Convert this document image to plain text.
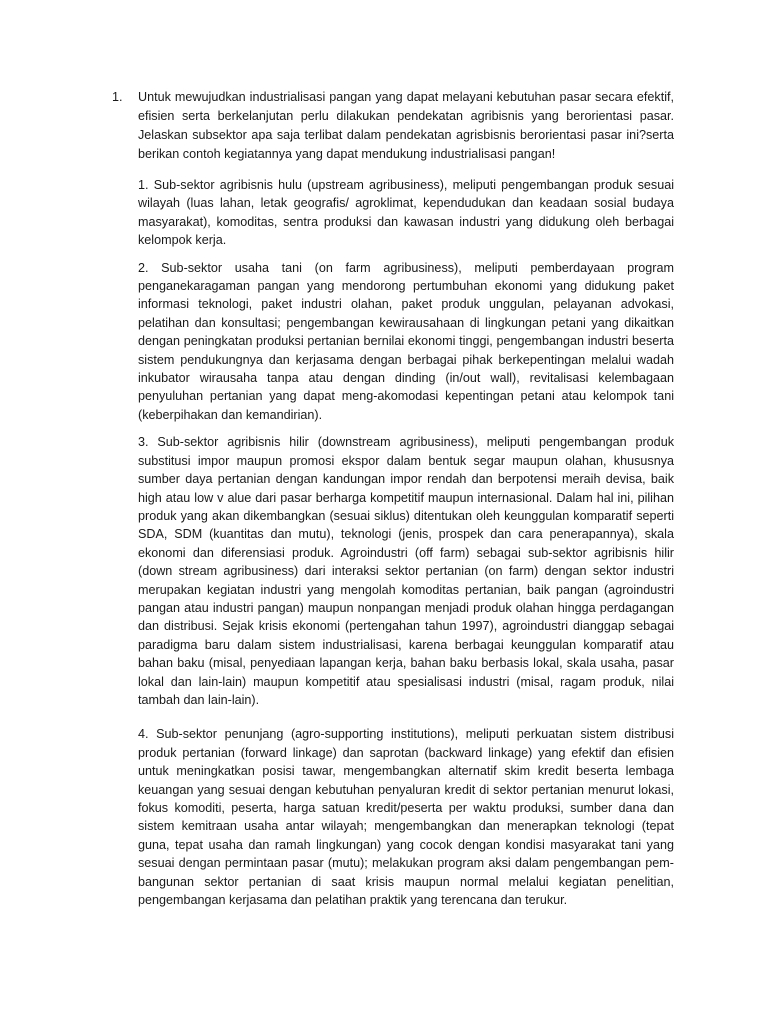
1.	Untuk mewujudkan industrialisasi pangan yang dapat melayani kebutuhan pasar secara efektif, efisien serta berkelanjutan perlu dilakukan pendekatan agribisnis yang berorientasi pasar. Jelaskan subsektor apa saja terlibat dalam pendekatan agrisbisnis berorientasi pasar ini?serta berikan contoh kegiatannya yang dapat mendukung industrialisasi pangan!

1. Sub-sektor agribisnis hulu (upstream agribusiness), meliputi pengembangan produk sesuai wilayah (luas lahan, letak geografis/ agroklimat, kependudukan dan keadaan sosial budaya masyarakat), komoditas, sentra produksi dan kawasan industri yang didukung oleh berbagai kelompok kerja.

2. Sub-sektor usaha tani (on farm agribusiness), meliputi pemberdayaan program penganekaragaman pangan yang mendorong pertumbuhan ekonomi yang didukung paket informasi teknologi, paket industri olahan, paket produk unggulan, pelayanan advokasi, pelatihan dan konsultasi; pengembangan kewirausahaan di lingkungan petani yang dikaitkan dengan peningkatan produksi pertanian bernilai ekonomi tinggi, pengembangan industri beserta sistem pendukungnya dan kerjasama dengan berbagai pihak berkepentingan melalui wadah inkubator wirausaha tanpa atau dengan dinding (in/out wall), revitalisasi kelembagaan penyuluhan pertanian yang dapat meng-akomodasi kepentingan petani atau kelompok tani (keberpihakan dan kemandirian).

3. Sub-sektor agribisnis hilir (downstream agribusiness), meliputi pengembangan produk substitusi impor maupun promosi ekspor dalam bentuk segar maupun olahan, khususnya sumber daya pertanian dengan kandungan impor rendah dan berpotensi meraih devisa, baik high atau low v alue dari pasar berharga kompetitif maupun internasional. Dalam hal ini, pilihan produk yang akan dikembangkan (sesuai siklus) ditentukan oleh keunggulan komparatif seperti SDA, SDM (kuantitas dan mutu), teknologi (jenis, prospek dan cara penerapannya), skala ekonomi dan diferensiasi produk. Agroindustri (off farm) sebagai sub-sektor agribisnis hilir (down stream agribusiness) dari interaksi sektor pertanian (on farm) dengan sektor industri merupakan kegiatan industri yang mengolah komoditas pertanian, baik pangan (agroindustri pangan atau industri pangan) maupun nonpangan menjadi produk olahan hingga perdagangan dan distribusi. Sejak krisis ekonomi (pertengahan tahun 1997), agroindustri dianggap sebagai paradigma baru dalam sistem industrialisasi, karena berbagai keunggulan komparatif atau bahan baku (misal, penyediaan lapangan kerja, bahan baku berbasis lokal, skala usaha, pasar lokal dan lain-lain) maupun kompetitif atau spesialisasi industri (misal, ragam produk, nilai tambah dan lain-lain).

4. Sub-sektor penunjang (agro-supporting institutions), meliputi perkuatan sistem distribusi produk pertanian (forward linkage) dan saprotan (backward linkage) yang efektif dan efisien untuk meningkatkan posisi tawar, mengembangkan alternatif skim kredit beserta lembaga keuangan yang sesuai dengan kebutuhan penyaluran kredit di sektor pertanian menurut lokasi, fokus komoditi, peserta, harga satuan kredit/peserta per waktu produksi, sumber dana dan sistem kemitraan usaha antar wilayah; mengembangkan dan menerapkan teknologi (tepat guna, tepat usaha dan ramah lingkungan) yang cocok dengan kondisi masyarakat tani yang sesuai dengan permintaan pasar (mutu); melakukan program aksi dalam pengembangan pem-bangunan sektor pertanian di saat krisis maupun normal melalui kegiatan penelitian, pengembangan kerjasama dan pelatihan praktik yang terencana dan terukur.
